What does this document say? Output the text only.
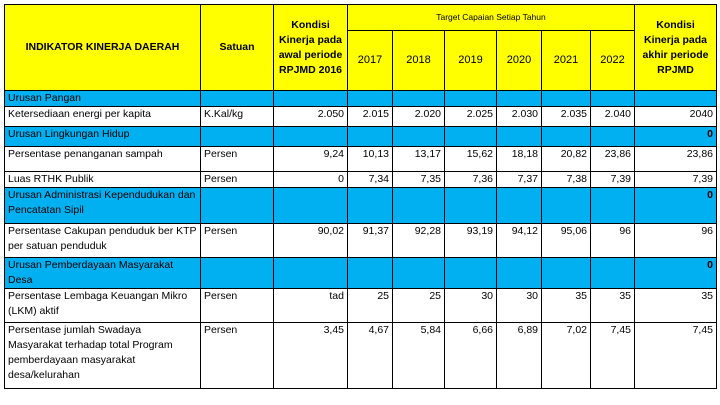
INDIKATOR KINERJA DAERAH	Satuan	Kondisi Kinerja pada awal periode RPJMD 2016	Target Capaian Setiap Tahun						Kondisi Kinerja pada akhir periode RPJMD
			2017	2018	2019	2020	2021	2022	
Urusan Pangan									
Ketersediaan energi per kapita	K.Kal/kg	2.050	2.015	2.020	2.025	2.030	2.035	2.040	2040
Urusan Lingkungan Hidup									0
Persentase penanganan sampah	Persen	9,24	10,13	13,17	15,62	18,18	20,82	23,86	23,86
Luas RTHK Publik	Persen	0	7,34	7,35	7,36	7,37	7,38	7,39	7,39
Urusan Administrasi Kependudukan dan Pencatatan Sipil									0
Persentase Cakupan penduduk ber KTP per satuan penduduk	Persen	90,02	91,37	92,28	93,19	94,12	95,06	96	96
Urusan Pemberdayaan Masyarakat Desa									0
Persentase Lembaga Keuangan Mikro (LKM) aktif	Persen	tad	25	25	30	30	35	35	35
Persentase jumlah Swadaya Masyarakat terhadap total Program pemberdayaan masyarakat desa/kelurahan	Persen	3,45	4,67	5,84	6,66	6,89	7,02	7,45	7,45
